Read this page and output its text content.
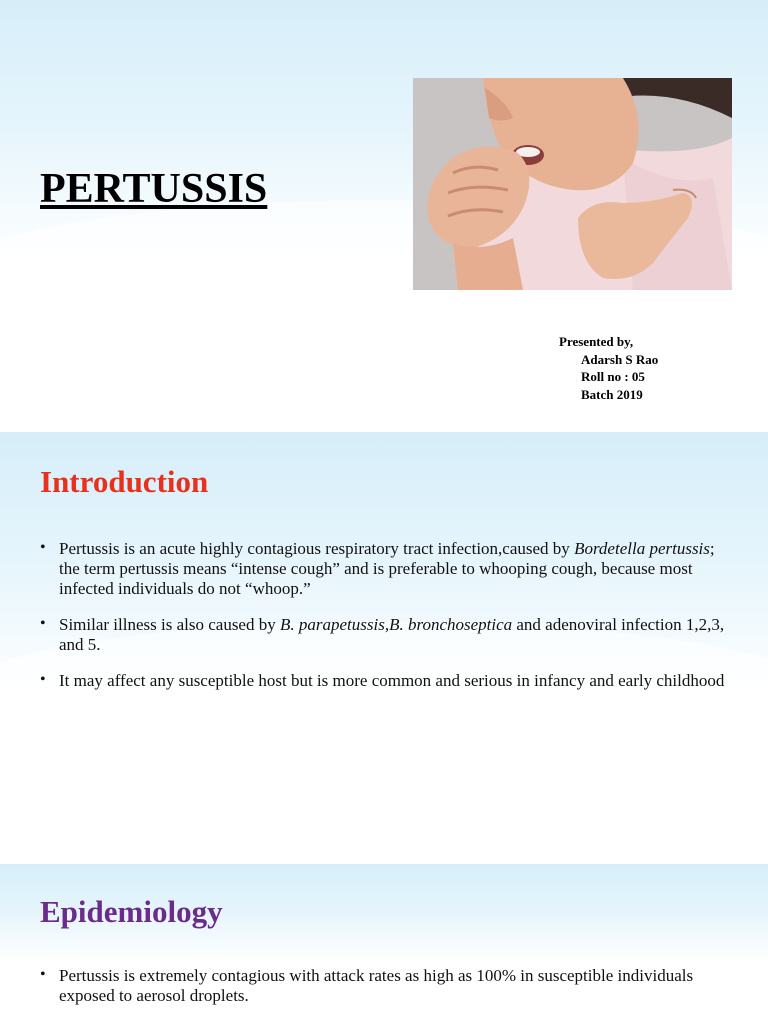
PERTUSSIS
Presented by,
Adarsh S Rao
Roll no : 05
Batch 2019
Introduction
• Pertussis is an acute highly contagious respiratory tract infection,caused by Bordetella pertussis; the term pertussis means “intense cough” and is preferable to whooping cough, because most infected individuals do not “whoop.”
• Similar illness is also caused by B. parapetussis,B. bronchoseptica and adenoviral infection 1,2,3, and 5.
• It may affect any susceptible host but is more common and serious in infancy and early childhood
Epidemiology
• Pertussis is extremely contagious with attack rates as high as 100% in susceptible individuals exposed to aerosol droplets.
